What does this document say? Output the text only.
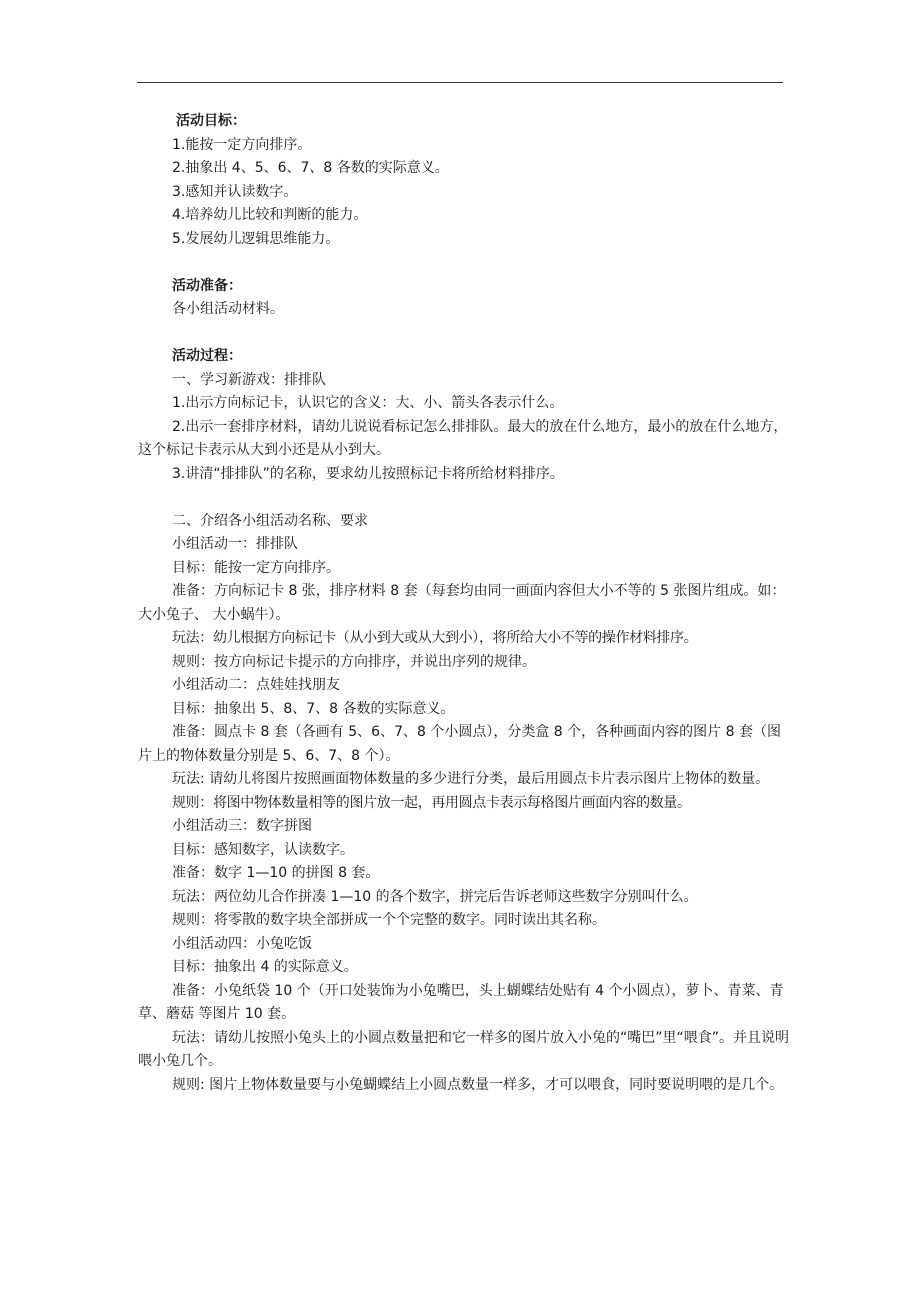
活动目标：

1.能按一定方向排序。

2.抽象出 4、5、6、7、8 各数的实际意义。

3.感知并认读数字。

4.培养幼儿比较和判断的能力。

5.发展幼儿逻辑思维能力。

活动准备：

各小组活动材料。

活动过程：

一、学习新游戏：排排队

1.出示方向标记卡，认识它的含义：大、小、箭头各表示什么。

2.出示一套排序材料，请幼儿说说看标记怎么排排队。最大的放在什么地方，最小的放在什么地方，这个标记卡表示从大到小还是从小到大。

3.讲清“排排队”的名称，要求幼儿按照标记卡将所给材料排序。

二、介绍各小组活动名称、要求

小组活动一：排排队

目标：能按一定方向排序。

准备：方向标记卡 8 张，排序材料 8 套（每套均由同一画面内容但大小不等的 5 张图片组成。如：大小兔子、 大小蜗牛）。

玩法：幼儿根据方向标记卡（从小到大或从大到小），将所给大小不等的操作材料排序。

规则：按方向标记卡提示的方向排序，并说出序列的规律。

小组活动二：点娃娃找朋友

目标：抽象出 5、8、7、8 各数的实际意义。

准备：圆点卡 8 套（各画有 5、6、7、8 个小圆点），分类盒 8 个，各种画面内容的图片 8 套（图片上的物体数量分别是 5、6、7、8 个）。

玩法: 请幼儿将图片按照画面物体数量的多少进行分类，最后用圆点卡片表示图片上物体的数量。

规则：将图中物体数量相等的图片放一起，再用圆点卡表示每格图片画面内容的数量。

小组活动三：数字拼图

目标：感知数字，认读数字。

准备：数字 1—10 的拼图 8 套。

玩法：两位幼儿合作拼凑 1—10 的各个数字，拼完后告诉老师这些数字分别叫什么。

规则：将零散的数字块全部拼成一个个完整的数字。同时读出其名称。

小组活动四：小兔吃饭

目标：抽象出 4 的实际意义。

准备：小兔纸袋 10 个（开口处装饰为小兔嘴巴，头上蝴蝶结处贴有 4 个小圆点），萝卜、青菜、青草、蘑菇 等图片 10 套。

玩法：请幼儿按照小兔头上的小圆点数量把和它一样多的图片放入小兔的“嘴巴”里“喂食”。并且说明 喂小兔几个。

规则: 图片上物体数量要与小兔蝴蝶结上小圆点数量一样多，才可以喂食，同时要说明喂的是几个。
